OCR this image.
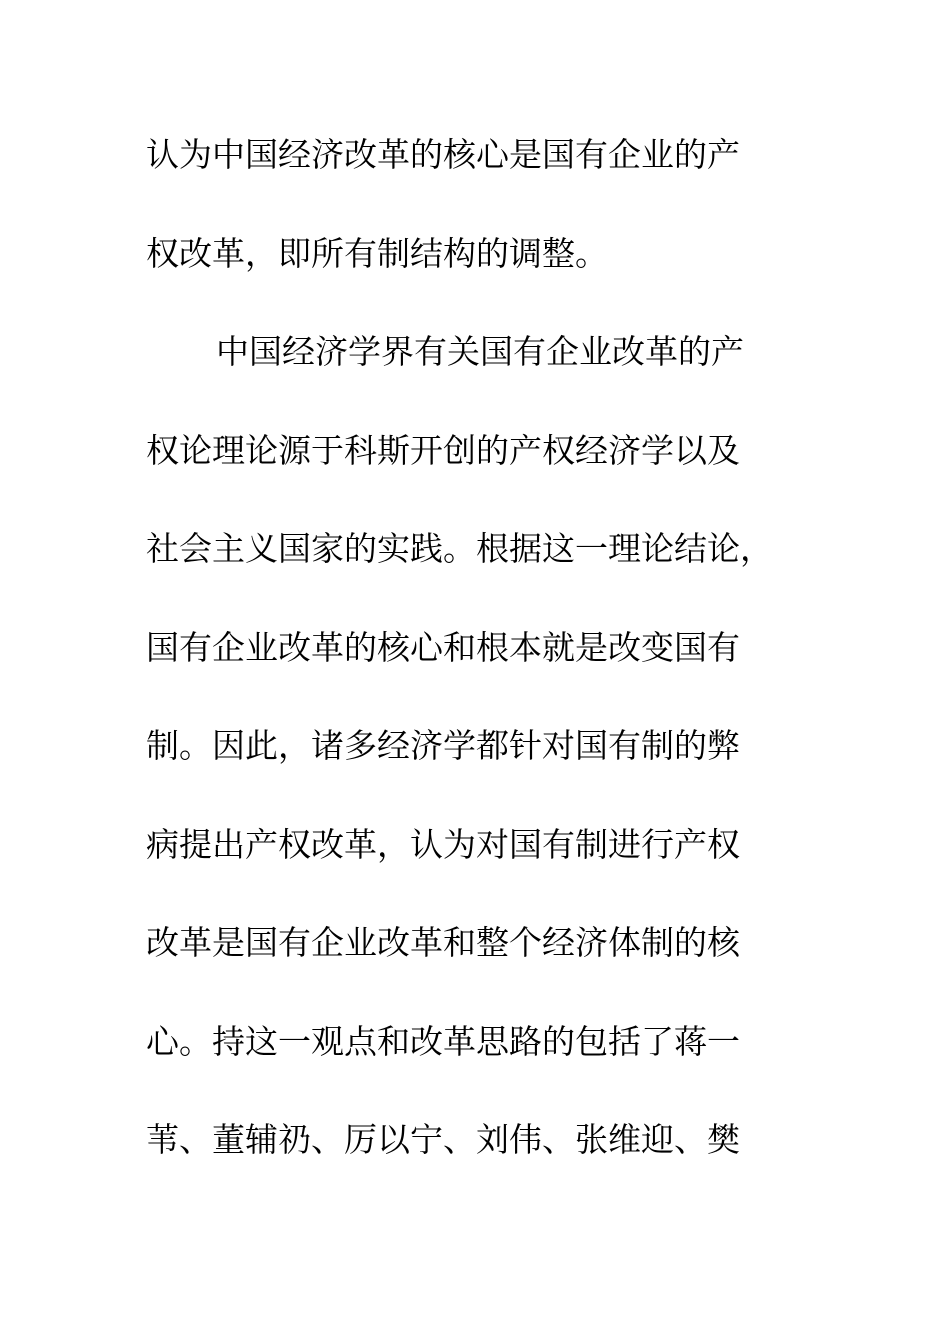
认为中国经济改革的核心是国有企业的产
权改革，即所有制结构的调整。
中国经济学界有关国有企业改革的产
权论理论源于科斯开创的产权经济学以及
社会主义国家的实践。根据这一理论结论，
国有企业改革的核心和根本就是改变国有
制。因此，诸多经济学都针对国有制的弊
病提出产权改革，认为对国有制进行产权
改革是国有企业改革和整个经济体制的核
心。持这一观点和改革思路的包括了蒋一
苇、董辅礽、厉以宁、刘伟、张维迎、樊
